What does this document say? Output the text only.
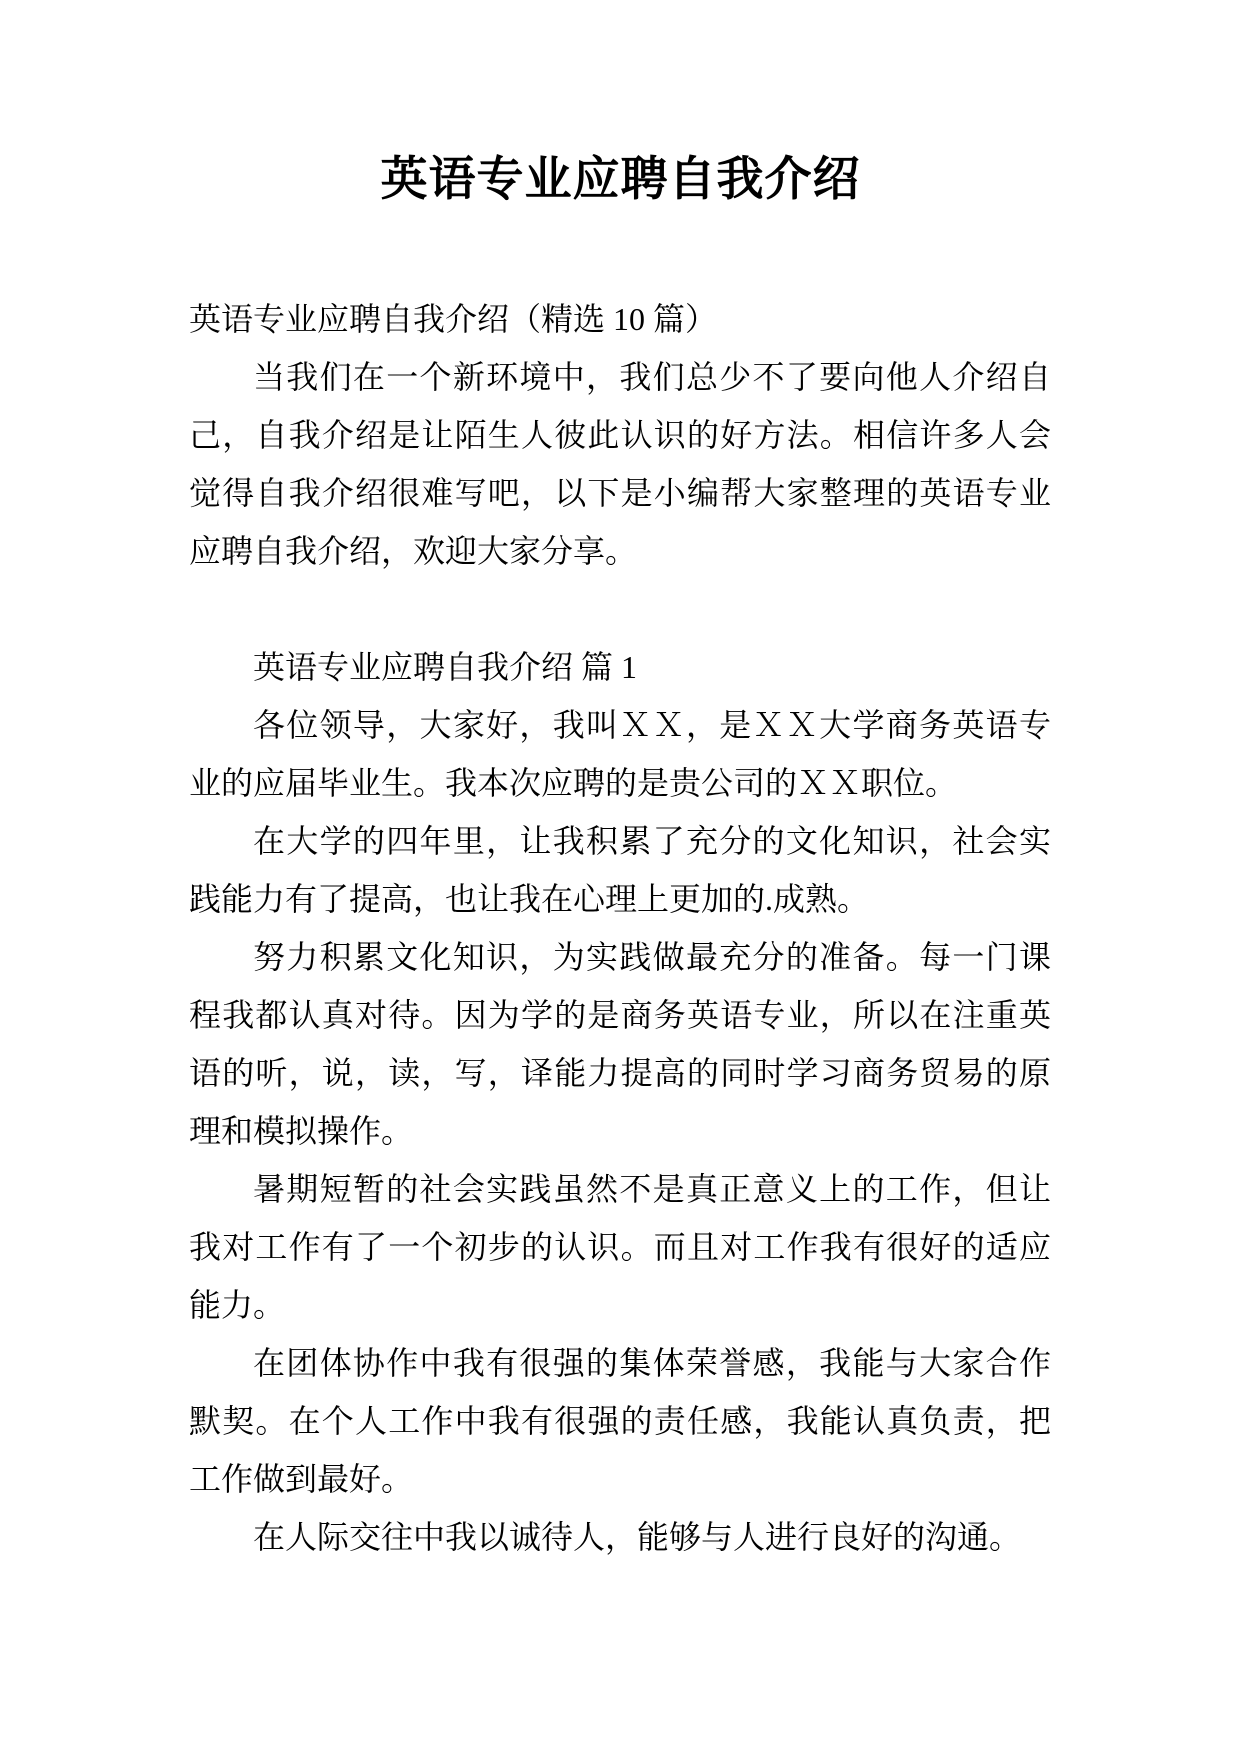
英语专业应聘自我介绍

英语专业应聘自我介绍（精选 10 篇）

当我们在一个新环境中，我们总少不了要向他人介绍自己，自我介绍是让陌生人彼此认识的好方法。相信许多人会觉得自我介绍很难写吧，以下是小编帮大家整理的英语专业应聘自我介绍，欢迎大家分享。

英语专业应聘自我介绍 篇 1

各位领导，大家好，我叫ＸＸ，是ＸＸ大学商务英语专业的应届毕业生。我本次应聘的是贵公司的ＸＸ职位。

在大学的四年里，让我积累了充分的文化知识，社会实践能力有了提高，也让我在心理上更加的.成熟。

努力积累文化知识，为实践做最充分的准备。每一门课程我都认真对待。因为学的是商务英语专业，所以在注重英语的听，说，读，写，译能力提高的同时学习商务贸易的原理和模拟操作。

暑期短暂的社会实践虽然不是真正意义上的工作，但让我对工作有了一个初步的认识。而且对工作我有很好的适应能力。

在团体协作中我有很强的集体荣誉感，我能与大家合作默契。在个人工作中我有很强的责任感，我能认真负责，把工作做到最好。

在人际交往中我以诚待人，能够与人进行良好的沟通。
